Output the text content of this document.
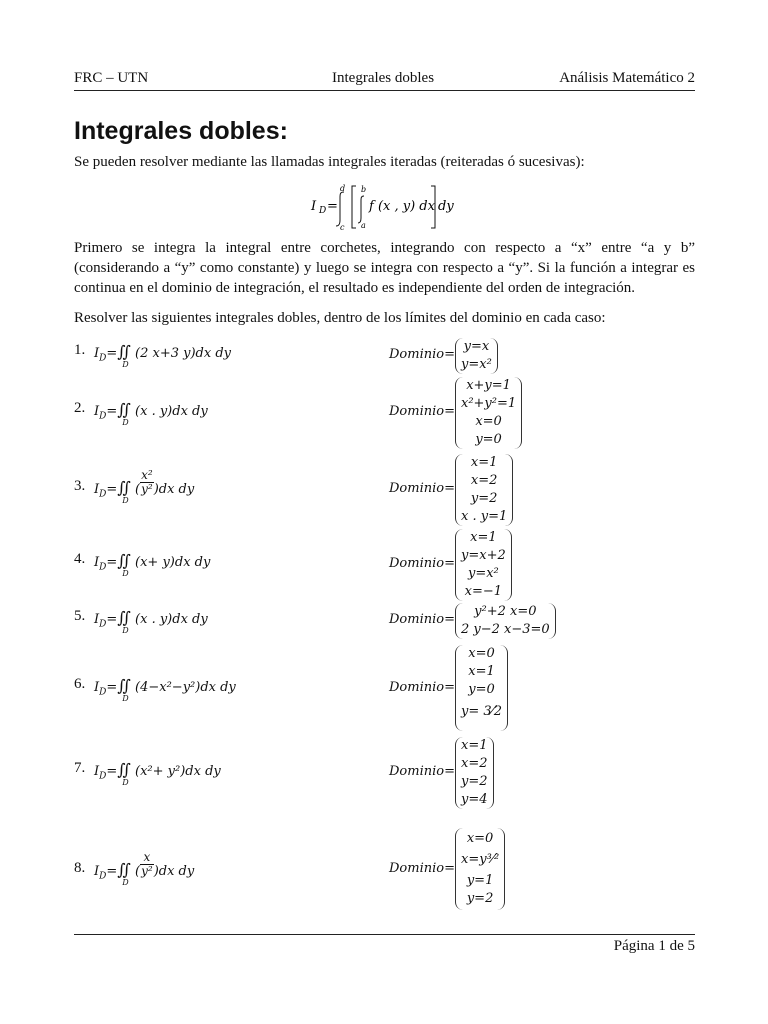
FRC – UTN	Integrales dobles	Análisis Matemático 2
Integrales dobles:
Se pueden resolver mediante las llamadas integrales iteradas (reiteradas ó sucesivas):
I D =
d
c
b
a
f (x , y) dx dy
Primero se integra la integral entre corchetes, integrando con respecto a “x” entre “a y b” (considerando a “y” como constante) y luego se integra con respecto a “y”. Si la función a integrar es continua en el dominio de integración, el resultado es independiente del orden de integración.
Resolver las siguientes integrales dobles, dentro de los límites del dominio en cada caso:
1. $I_D=∬$
D
(2 x+3 y)dx dy	Dominio=
y=x
y=x²
2. $I_D=∬$
D
(x . y)dx dy	Dominio=
x+y=1
x²+y²=1
x=0
y=0
3. $I_D=∬$
D
( $\frac{\text{x²}}{\text{y²}} )dx$ dy	Dominio=
x=1
x=2
y=2
x . y=1
4. $I_D=∬$
D
(x+ y)dx dy	Dominio=
x=1
y=x+2
y=x²
x=−1
5. $I_D=∬$
D
(x . y)dx dy	Dominio=
y²+2 x=0
2 y−2 x−3=0
6. $I_D=∬$
D
(4−x²−y²)dx dy	Dominio=
x=0
x=1
y=0
y= 3⁄2
7. $I_D=∬$
D
(x²+ y²)dx dy	Dominio=
x=1
x=2
y=2
y=4
8. $I_D=∬$
D
( $\frac{x}{\text{y²}} )dx$ dy	Dominio=
x=0
x=y³⁄²
y=1
y=2
Página 1 de 5
